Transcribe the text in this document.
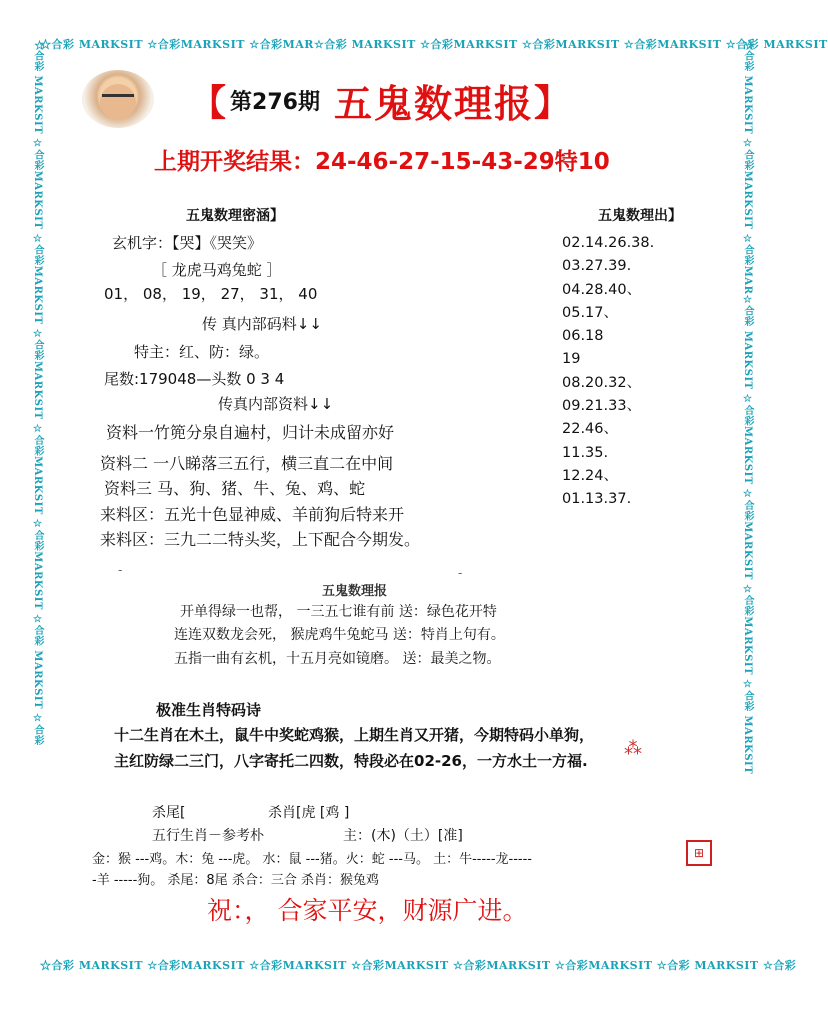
☆合彩 MARKSIT ☆合彩MARKSIT ☆合彩MAR☆合彩 MARKSIT ☆合彩MARKSIT ☆合彩MARKSIT ☆合彩MARKSIT ☆合彩 MARKSIT
☆合彩 MARKSIT ☆合彩MARKSIT ☆合彩MARKSIT ☆合彩MARKSIT ☆合彩MARKSIT ☆合彩MARKSIT ☆合彩 MARKSIT ☆合彩
☆合彩 MARKSIT ☆合彩MARKSIT ☆合彩MARKSIT ☆合彩MARKSIT ☆合彩MARKSIT ☆合彩MARKSIT ☆合彩 MARKSIT ☆合彩	☆合彩 MARKSIT ☆合彩MARKSIT ☆合彩MAR☆合彩 MARKSIT ☆合彩MARKSIT ☆合彩MARKSIT ☆合彩MARKSIT ☆合彩 MARKSIT
【 第276期 五鬼数理报 】
上期开奖结果：24-46-27-15-43-29特10
五鬼数理密涵】
玄机字：【哭】《哭笑》
［ 龙虎马鸡兔蛇 ］
01， 08， 19， 27， 31， 40
传 真内部码料↓↓
特主：红、防：绿。
尾数:179048—头数 0 3 4
传真内部资料↓↓
资料一竹篼分泉自遍村，归计未成留亦好
资料二 一八睇落三五行，横三直二在中间
资料三 马、狗、猪、牛、兔、鸡、蛇
来料区：五光十色显神威、羊前狗后特来开
来料区：三九二二特头奖，上下配合今期发。
五鬼数理出】
02.14.26.38.
03.27.39.
04.28.40、
05.17、
06.18
19
08.20.32、
09.21.33、
22.46、
11.35.
12.24、
01.13.37.
-	-
五鬼数理报
开单得绿一也帮， 一三五七谁有前 送：绿色花开特
连连双数龙会死， 猴虎鸡牛兔蛇马 送：特肖上句有。
五指一曲有玄机，十五月亮如镜磨。 送：最美之物。
极准生肖特码诗
十二生肖在木土，鼠牛中奖蛇鸡猴，上期生肖又开猪，今期特码小单狗，
主红防绿二三门，八字寄托二四数，特段必在02-26，一方水土一方福.
⁂
杀尾[	杀肖[虎 [鸡 ]
五行生肖－参考朴	主：(木)（土）[准]
金：猴 ---鸡。木：兔 ---虎。 水：鼠 ---猪。火：蛇 ---马。 土：牛-----龙-----
-羊 -----狗。 杀尾：8尾 杀合：三合 杀肖：猴兔鸡
⊞
祝：， 合家平安，财源广进。
